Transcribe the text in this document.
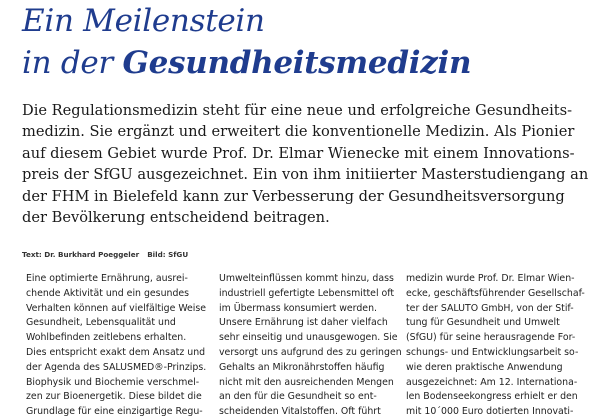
Ein Meilenstein
in der Gesundheitsmedizin

Die Regulationsmedizin steht für eine neue und erfolgreiche Gesundheits-
medizin. Sie ergänzt und erweitert die konventionelle Medizin. Als Pionier
auf diesem Gebiet wurde Prof. Dr. Elmar Wienecke mit einem Innovations-
preis der SfGU ausgezeichnet. Ein von ihm initiierter Masterstudiengang an
der FHM in Bielefeld kann zur Verbesserung der Gesundheitsversorgung
der Bevölkerung entscheidend beitragen.

Text: Dr. Burkhard Poeggeler Bild: SfGU

Eine optimierte Ernährung, ausrei-
chende Aktivität und ein gesundes
Verhalten können auf vielfältige Weise
Gesundheit, Lebensqualität und
Wohlbefinden zeitlebens erhalten.
Dies entspricht exakt dem Ansatz und
der Agenda des SALUSMED®-Prinzips.
Biophysik und Biochemie verschmel-
zen zur Bioenergetik. Diese bildet die
Grundlage für eine einzigartige Regu-
Umwelteinflüssen kommt hinzu, dass
industriell gefertigte Lebensmittel oft
im Übermass konsumiert werden.
Unsere Ernährung ist daher vielfach
sehr einseitig und unausgewogen. Sie
versorgt uns aufgrund des zu geringen
Gehalts an Mikronährstoffen häufig
nicht mit den ausreichenden Mengen
an den für die Gesundheit so ent-
scheidenden Vitalstoffen. Oft führt
medizin wurde Prof. Dr. Elmar Wien-
ecke, geschäftsführender Gesellschaf-
ter der SALUTO GmbH, von der Stif-
tung für Gesundheit und Umwelt
(SfGU) für seine herausragende For-
schungs- und Entwicklungsarbeit so-
wie deren praktische Anwendung
ausgezeichnet: Am 12. Internationa-
len Bodenseekongress erhielt er den
mit 10´000 Euro dotierten Innovati-
